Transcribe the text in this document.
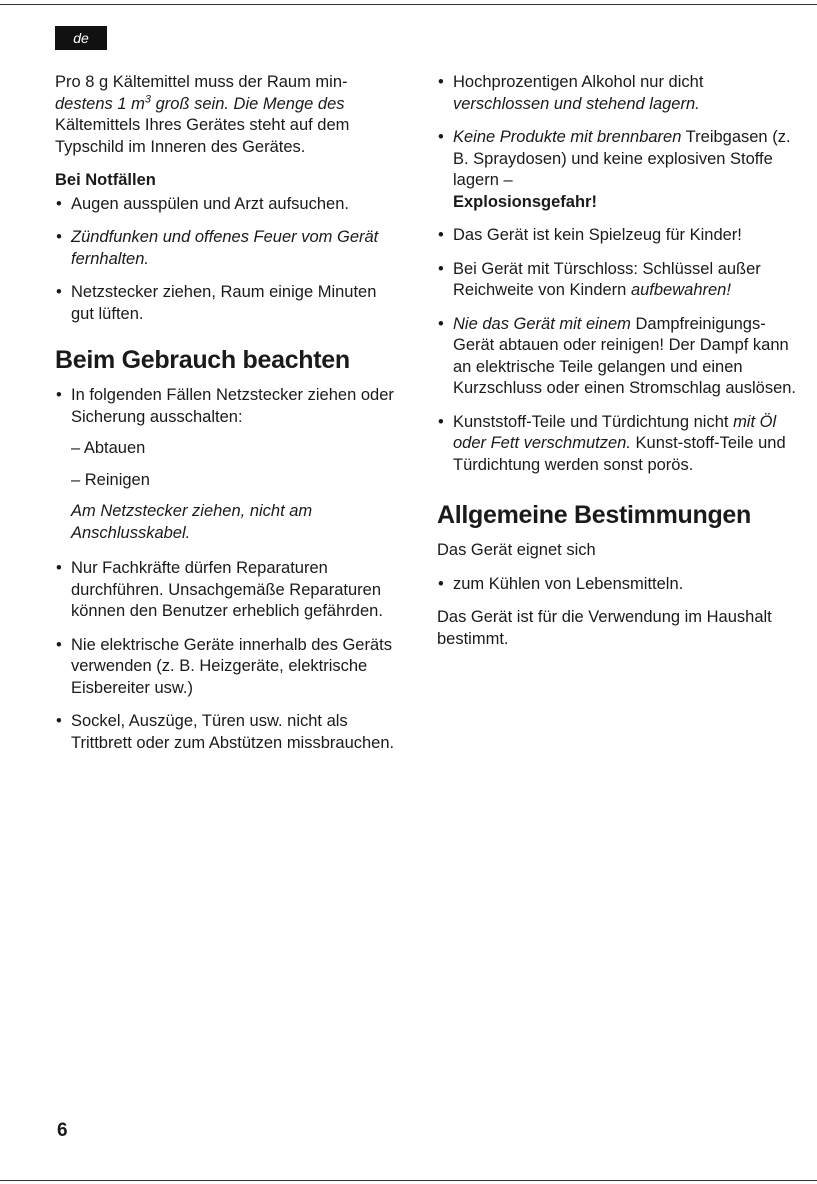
de

Pro 8 g Kältemittel muss der Raum min-
destens 1 $m^3$ groß sein. Die Menge des
Kältemittels Ihres Gerätes steht auf dem Typschild im Inneren des Gerätes.

Bei Notfällen

• Augen ausspülen und Arzt aufsuchen.
• Zündfunken und offenes Feuer vom Gerät fernhalten.
• Netzstecker ziehen, Raum einige Minuten gut lüften.
Beim Gebrauch beachten
• In folgenden Fällen Netzstecker ziehen oder Sicherung ausschalten:

– Abtauen

– Reinigen

Am Netzstecker ziehen, nicht am Anschlusskabel.

• Nur Fachkräfte dürfen Reparaturen durchführen. Unsachgemäße Reparaturen können den Benutzer erheblich gefährden.
• Nie elektrische Geräte innerhalb des Geräts verwenden (z. B. Heizgeräte, elektrische Eisbereiter usw.)
• Sockel, Auszüge, Türen usw. nicht als Trittbrett oder zum Abstützen missbrauchen.
• Hochprozentigen Alkohol nur dicht verschlossen und stehend lagern.
• Keine Produkte mit brennbaren Treibgasen (z. B. Spraydosen) und keine explosiven Stoffe lagern –
Explosionsgefahr!
• Das Gerät ist kein Spielzeug für Kinder!
• Bei Gerät mit Türschloss: Schlüssel außer Reichweite von Kindern aufbewahren!
• Nie das Gerät mit einem Dampfreinigungs- Gerät abtauen oder reinigen! Der Dampf kann an elektrische Teile gelangen und einen Kurzschluss oder einen Stromschlag auslösen.
• Kunststoff-Teile und Türdichtung nicht mit Öl oder Fett verschmutzen. Kunst-stoff-Teile und Türdichtung werden sonst porös.
Allgemeine Bestimmungen

Das Gerät eignet sich

• zum Kühlen von Lebensmitteln.

Das Gerät ist für die Verwendung im Haushalt bestimmt.

6
